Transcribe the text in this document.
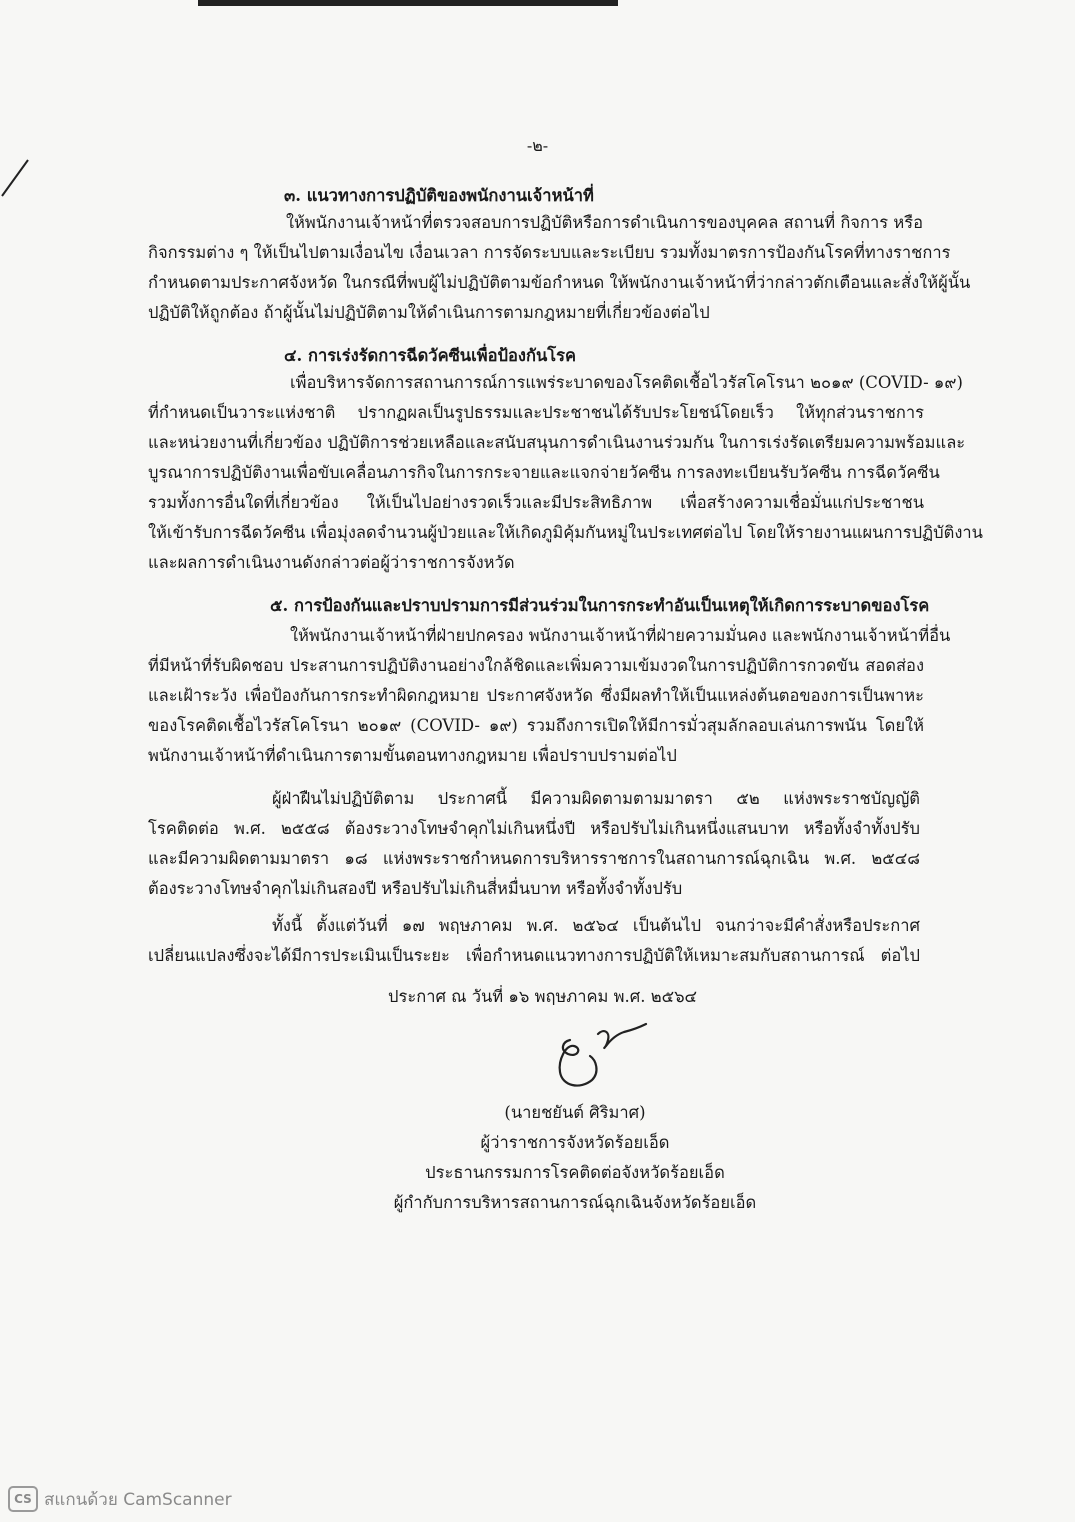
-๒-
๓. แนวทางการปฏิบัติของพนักงานเจ้าหน้าที่
ให้พนักงานเจ้าหน้าที่ตรวจสอบการปฏิบัติหรือการดำเนินการของบุคคล สถานที่ กิจการ หรือ
กิจกรรมต่าง ๆ ให้เป็นไปตามเงื่อนไข เงื่อนเวลา การจัดระบบและระเบียบ รวมทั้งมาตรการป้องกันโรคที่ทางราชการ
กำหนดตามประกาศจังหวัด ในกรณีที่พบผู้ไม่ปฏิบัติตามข้อกำหนด ให้พนักงานเจ้าหน้าที่ว่ากล่าวตักเตือนและสั่งให้ผู้นั้น
ปฏิบัติให้ถูกต้อง ถ้าผู้นั้นไม่ปฏิบัติตามให้ดำเนินการตามกฎหมายที่เกี่ยวข้องต่อไป
๔. การเร่งรัดการฉีดวัคซีนเพื่อป้องกันโรค
เพื่อบริหารจัดการสถานการณ์การแพร่ระบาดของโรคติดเชื้อไวรัสโคโรนา ๒๐๑๙ (COVID- ๑๙)
ที่กำหนดเป็นวาระแห่งชาติ ปรากฏผลเป็นรูปธรรมและประชาชนได้รับประโยชน์โดยเร็ว ให้ทุกส่วนราชการ
และหน่วยงานที่เกี่ยวข้อง ปฏิบัติการช่วยเหลือและสนับสนุนการดำเนินงานร่วมกัน ในการเร่งรัดเตรียมความพร้อมและ
บูรณาการปฏิบัติงานเพื่อขับเคลื่อนภารกิจในการกระจายและแจกจ่ายวัคซีน การลงทะเบียนรับวัคซีน การฉีดวัคซีน
รวมทั้งการอื่นใดที่เกี่ยวข้อง ให้เป็นไปอย่างรวดเร็วและมีประสิทธิภาพ เพื่อสร้างความเชื่อมั่นแก่ประชาชน
ให้เข้ารับการฉีดวัคซีน เพื่อมุ่งลดจำนวนผู้ป่วยและให้เกิดภูมิคุ้มกันหมู่ในประเทศต่อไป โดยให้รายงานแผนการปฏิบัติงาน
และผลการดำเนินงานดังกล่าวต่อผู้ว่าราชการจังหวัด
๕. การป้องกันและปราบปรามการมีส่วนร่วมในการกระทำอันเป็นเหตุให้เกิดการระบาดของโรค
ให้พนักงานเจ้าหน้าที่ฝ่ายปกครอง พนักงานเจ้าหน้าที่ฝ่ายความมั่นคง และพนักงานเจ้าหน้าที่อื่น
ที่มีหน้าที่รับผิดชอบ ประสานการปฏิบัติงานอย่างใกล้ชิดและเพิ่มความเข้มงวดในการปฏิบัติการกวดขัน สอดส่อง
และเฝ้าระวัง เพื่อป้องกันการกระทำผิดกฎหมาย ประกาศจังหวัด ซึ่งมีผลทำให้เป็นแหล่งต้นตอของการเป็นพาหะ
ของโรคติดเชื้อไวรัสโคโรนา ๒๐๑๙ (COVID- ๑๙) รวมถึงการเปิดให้มีการมั่วสุมลักลอบเล่นการพนัน โดยให้
พนักงานเจ้าหน้าที่ดำเนินการตามขั้นตอนทางกฎหมาย เพื่อปราบปรามต่อไป
ผู้ฝ่าฝืนไม่ปฏิบัติตาม ประกาศนี้ มีความผิดตามตามมาตรา ๕๒ แห่งพระราชบัญญัติ
โรคติดต่อ พ.ศ. ๒๕๕๘ ต้องระวางโทษจำคุกไม่เกินหนึ่งปี หรือปรับไม่เกินหนึ่งแสนบาท หรือทั้งจำทั้งปรับ
และมีความผิดตามมาตรา ๑๘ แห่งพระราชกำหนดการบริหารราชการในสถานการณ์ฉุกเฉิน พ.ศ. ๒๕๔๘
ต้องระวางโทษจำคุกไม่เกินสองปี หรือปรับไม่เกินสี่หมื่นบาท หรือทั้งจำทั้งปรับ
ทั้งนี้ ตั้งแต่วันที่ ๑๗ พฤษภาคม พ.ศ. ๒๕๖๔ เป็นต้นไป จนกว่าจะมีคำสั่งหรือประกาศ
เปลี่ยนแปลงซึ่งจะได้มีการประเมินเป็นระยะ เพื่อกำหนดแนวทางการปฏิบัติให้เหมาะสมกับสถานการณ์ ต่อไป
ประกาศ ณ วันที่ ๑๖ พฤษภาคม พ.ศ. ๒๕๖๔
(นายชยันต์ ศิริมาศ)
ผู้ว่าราชการจังหวัดร้อยเอ็ด
ประธานกรรมการโรคติดต่อจังหวัดร้อยเอ็ด
ผู้กำกับการบริหารสถานการณ์ฉุกเฉินจังหวัดร้อยเอ็ด
CS สแกนด้วย CamScanner
